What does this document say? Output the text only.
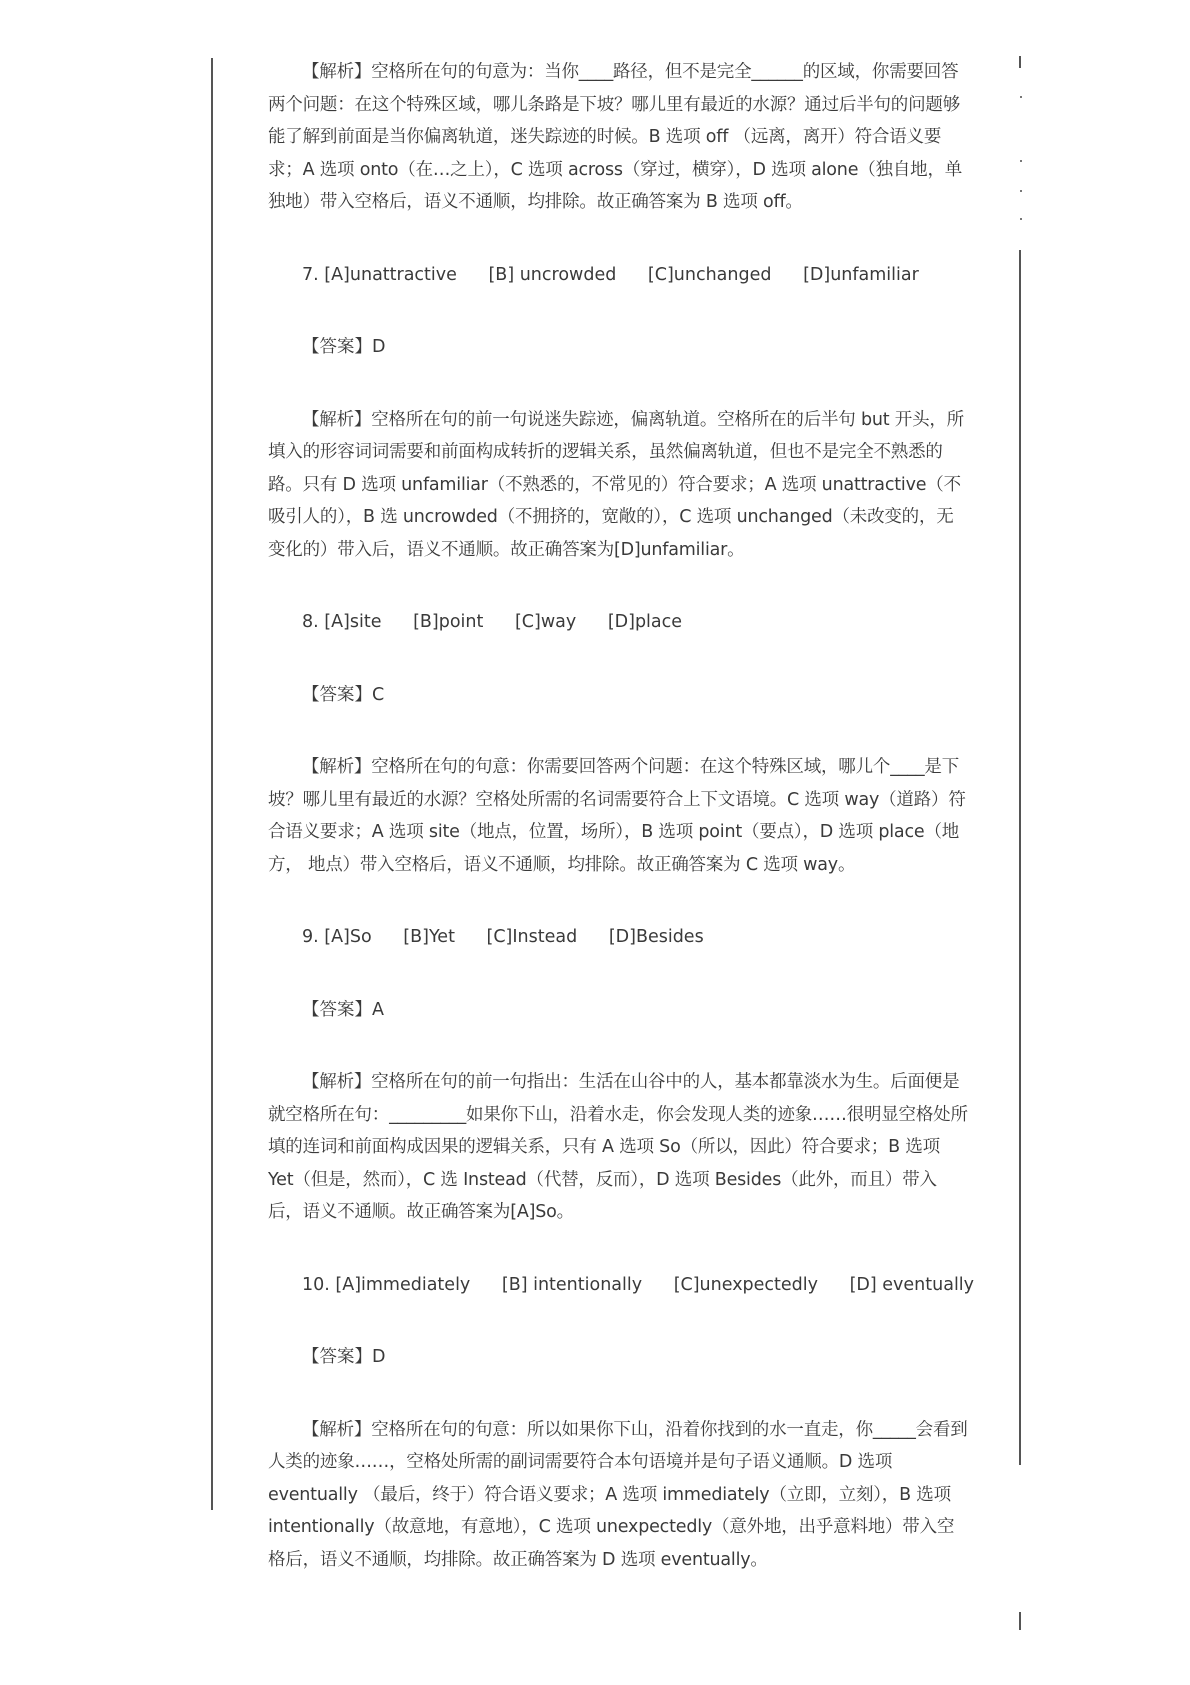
【解析】空格所在句的句意为：当你____路径，但不是完全______的区域，你需要回答两个问题：在这个特殊区域，哪儿条路是下坡？哪儿里有最近的水源？通过后半句的问题够能了解到前面是当你偏离轨道，迷失踪迹的时候。B 选项 off （远离，离开）符合语义要求；A 选项 onto（在…之上），C 选项 across（穿过，横穿），D 选项 alone（独自地，单独地）带入空格后，语义不通顺，均排除。故正确答案为 B 选项 off。

7. [A]unattractive [B] uncrowded [C]unchanged [D]unfamiliar

【答案】D

【解析】空格所在句的前一句说迷失踪迹，偏离轨道。空格所在的后半句 but 开头，所填入的形容词词需要和前面构成转折的逻辑关系，虽然偏离轨道，但也不是完全不熟悉的 路。只有 D 选项 unfamiliar（不熟悉的，不常见的）符合要求；A 选项 unattractive（不吸引人的），B 选 uncrowded（不拥挤的，宽敞的），C 选项 unchanged（未改变的，无变化的）带入后，语义不通顺。故正确答案为[D]unfamiliar。

8. [A]site [B]point [C]way [D]place

【答案】C

【解析】空格所在句的句意：你需要回答两个问题：在这个特殊区域，哪儿个____是下坡？哪儿里有最近的水源？空格处所需的名词需要符合上下文语境。C 选项 way（道路）符合语义要求；A 选项 site（地点，位置，场所），B 选项 point（要点），D 选项 place（地方， 地点）带入空格后，语义不通顺，均排除。故正确答案为 C 选项 way。

9. [A]So [B]Yet [C]Instead [D]Besides

【答案】A

【解析】空格所在句的前一句指出：生活在山谷中的人，基本都靠淡水为生。后面便是就空格所在句：_________如果你下山，沿着水走，你会发现人类的迹象……很明显空格处所填的连词和前面构成因果的逻辑关系，只有 A 选项 So（所以，因此）符合要求；B 选项 Yet（但是，然而），C 选 Instead（代替，反而），D 选项 Besides（此外，而且）带入后，语义不通顺。故正确答案为[A]So。

10. [A]immediately [B] intentionally [C]unexpectedly [D] eventually

【答案】D

【解析】空格所在句的句意：所以如果你下山，沿着你找到的水一直走，你_____会看到人类的迹象……，空格处所需的副词需要符合本句语境并是句子语义通顺。D 选项 eventually （最后，终于）符合语义要求；A 选项 immediately（立即，立刻），B 选项 intentionally（故意地，有意地），C 选项 unexpectedly（意外地，出乎意料地）带入空格后，语义不通顺，均排除。故正确答案为 D 选项 eventually。
